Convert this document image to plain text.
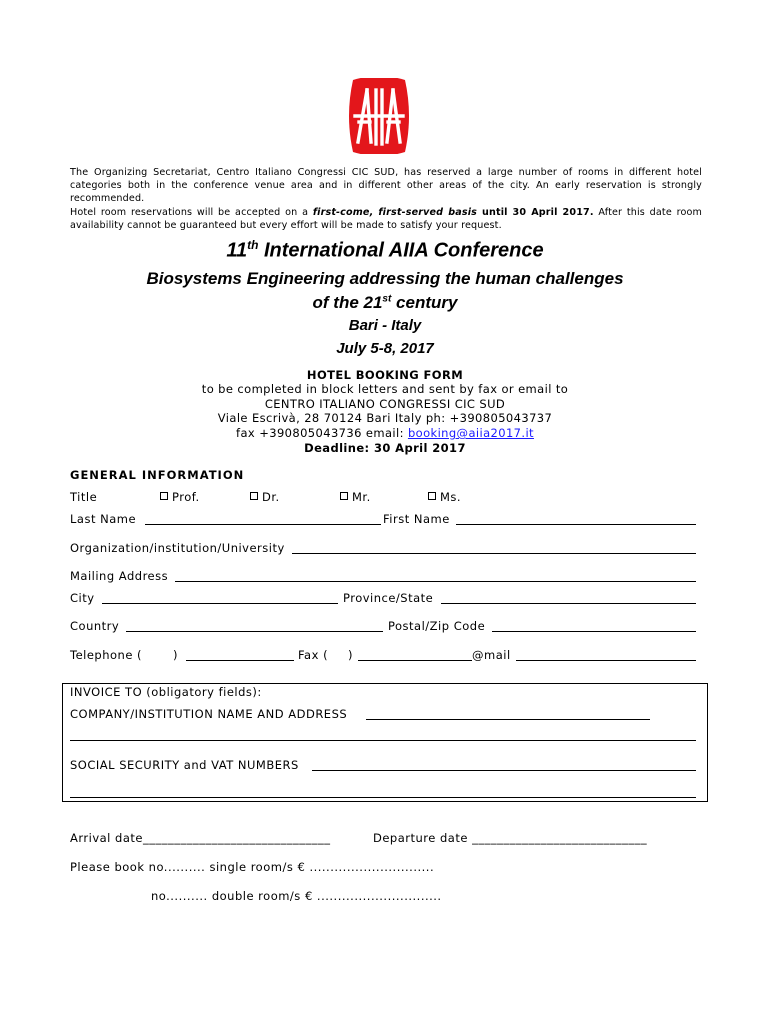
The Organizing Secretariat, Centro Italiano Congressi CIC SUD, has reserved a large number of rooms in different hotel categories both in the conference venue area and in different other areas of the city. An early reservation is strongly recommended.

Hotel room reservations will be accepted on a first-come, first-served basis until 30 April 2017. After this date room availability cannot be guaranteed but every effort will be made to satisfy your request.

11th International AIIA Conference
Biosystems Engineering addressing the human challenges
of the 21st century
Bari - Italy
July 5-8, 2017
HOTEL BOOKING FORM
to be completed in block letters and sent by fax or email to
CENTRO ITALIANO CONGRESSI CIC SUD
Viale Escrivà, 28 70124 Bari Italy ph: +390805043737
fax +390805043736 email: booking@aiia2017.it
Deadline: 30 April 2017
GENERAL INFORMATION
Title	Prof.	Dr.	Mr.	Ms.
Last Name	First Name
Organization/institution/University
Mailing Address
City	Province/State
Country	Postal/Zip Code
Telephone (	)	Fax ( )	@mail
INVOICE TO (obligatory fields):
COMPANY/INSTITUTION NAME AND ADDRESS
SOCIAL SECURITY and VAT NUMBERS
Arrival date______________________________	Departure date ____________________________
Please book no.......... single room/s € ..............................
no.......... double room/s € ..............................
